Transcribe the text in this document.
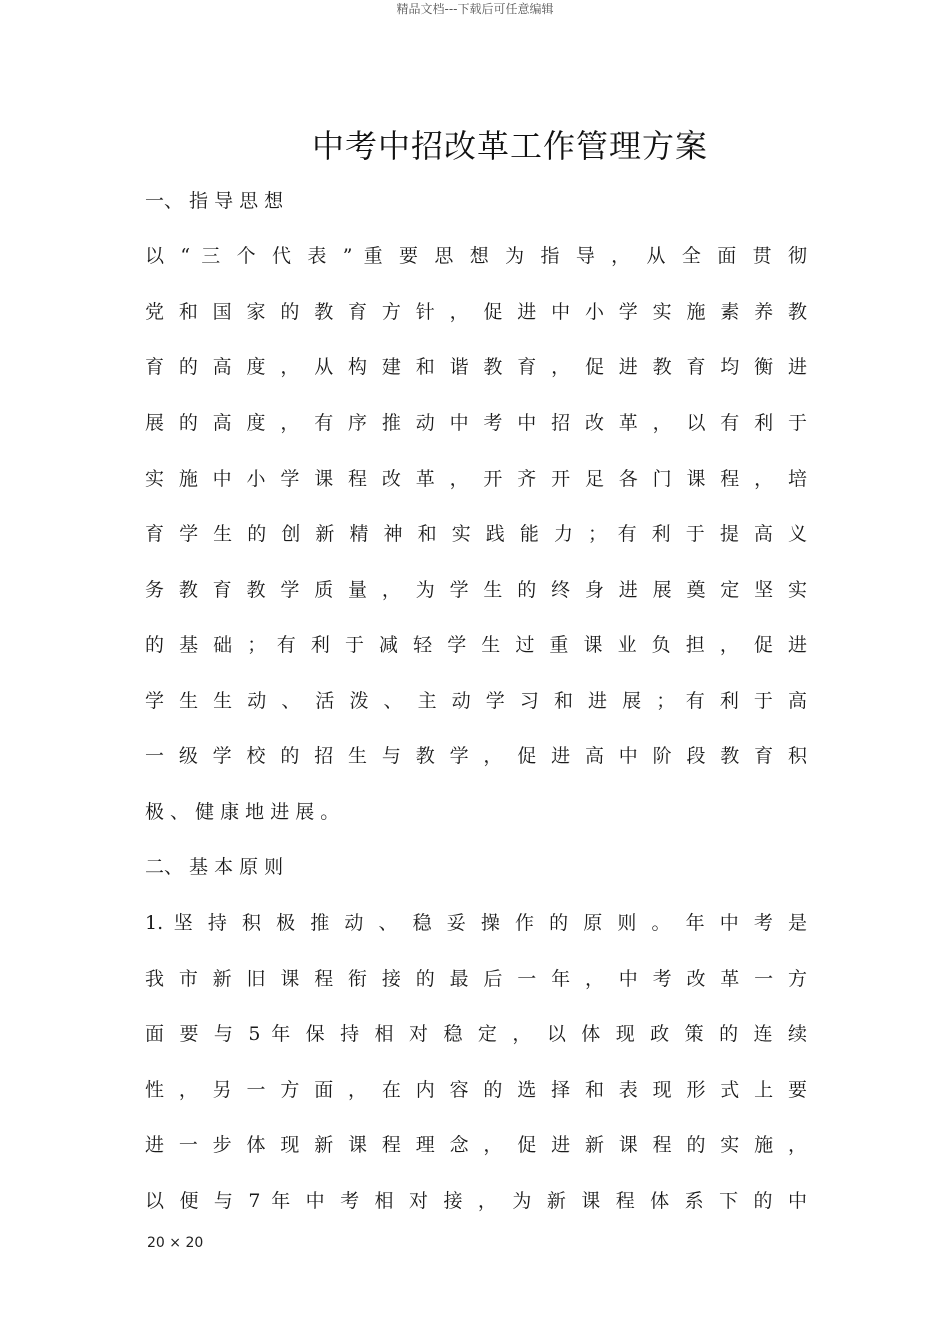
精品文档---下载后可任意编辑
中考中招改革工作管理方案
一、 指 导 思 想
以 “ 三 个 代 表 ” 重 要 思 想 为 指 导 ， 从 全 面 贯 彻
党 和 国 家 的 教 育 方 针 ， 促 进 中 小 学 实 施 素 养 教
育 的 高 度 ， 从 构 建 和 谐 教 育 ， 促 进 教 育 均 衡 进
展 的 高 度 ， 有 序 推 动 中 考 中 招 改 革 ， 以 有 利 于
实 施 中 小 学 课 程 改 革 ， 开 齐 开 足 各 门 课 程 ， 培
育 学 生 的 创 新 精 神 和 实 践 能 力 ； 有 利 于 提 高 义
务 教 育 教 学 质 量 ， 为 学 生 的 终 身 进 展 奠 定 坚 实
的 基 础 ； 有 利 于 减 轻 学 生 过 重 课 业 负 担 ， 促 进
学 生 生 动 、 活 泼 、 主 动 学 习 和 进 展 ； 有 利 于 高
一 级 学 校 的 招 生 与 教 学 ， 促 进 高 中 阶 段 教 育 积
极 、 健 康 地 进 展 。
二、 基 本 原 则
1. 坚 持 积 极 推 动 、 稳 妥 操 作 的 原 则 。 年 中 考 是
我 市 新 旧 课 程 衔 接 的 最 后 一 年 ， 中 考 改 革 一 方
面 要 与 5 年 保 持 相 对 稳 定 ， 以 体 现 政 策 的 连 续
性 ， 另 一 方 面 ， 在 内 容 的 选 择 和 表 现 形 式 上 要
进 一 步 体 现 新 课 程 理 念 ， 促 进 新 课 程 的 实 施 ，
以 便 与 7 年 中 考 相 对 接 ， 为 新 课 程 体 系 下 的 中
20 × 20
